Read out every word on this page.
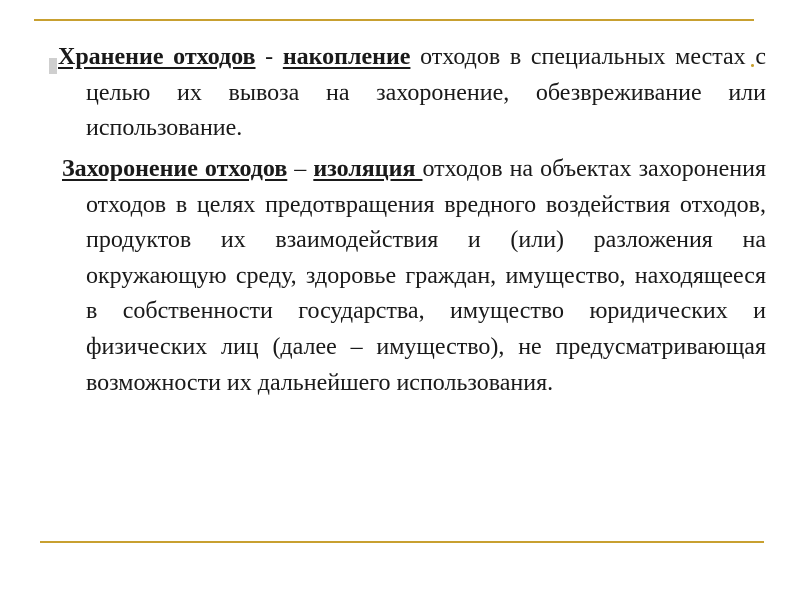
Хранение отходов - накопление отходов в специальных местах с целью их вывоза на захоронение, обезвреживание или использование.

Захоронение отходов – изоляция отходов на объектах захоронения отходов в целях предотвращения вредного воздействия отходов, продуктов их взаимодействия и (или) разложения на окружающую среду, здоровье граждан, имущество, находящееся в собственности государства, имущество юридических и физических лиц (далее – имущество), не предусматривающая возможности их дальнейшего использования.
